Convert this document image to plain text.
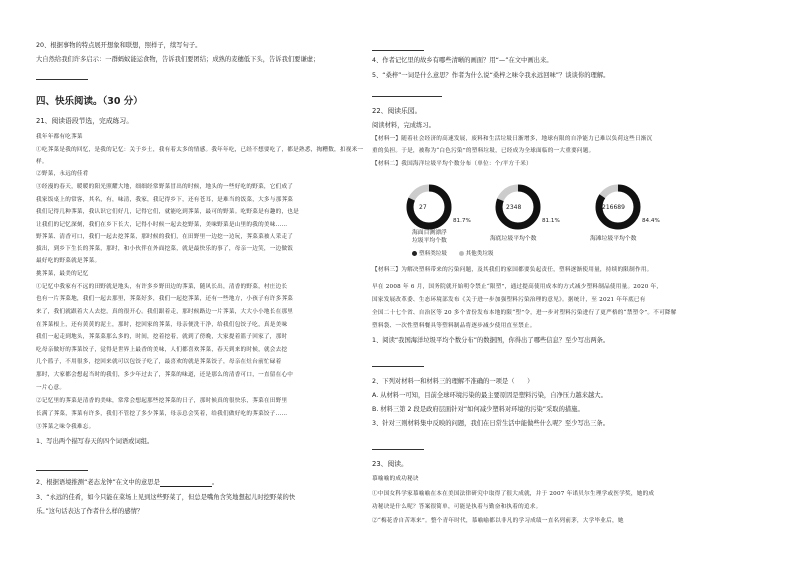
20、根据事物的特点展开想象和联想，照样子，续写句子。
大自然给我们许多启示：一群蚂蚁能运食物，告诉我们要团结；成熟的麦穗低下头，告诉我们要谦虚；
四、快乐阅读。（30 分）
21、阅读语段节选，完成练习。
我年年都有吃荠菜
①吃荠菜是我的回忆，是我的记忆：关于乡土，我有着太多的情感。我年年吃，已经不想要吃了，都是熟悉，掏糟数，扣视米一
样。
②野菜，永远的佳肴
③经漫的春天，暖暖的阳光照耀大地，细细经常野菜冒出的时候，地头的一些好吃的野菜，它们成了
我家饭桌上的常客，其名，有，味清，我家，我记得乡下，还有苍耳，是难当的饭菜，大多与那荠菜
我们记得几种荠菜，我认识它们好几，记得它们，就能吃到荠菜，最可的野菜。吃野菜是有趣的，也是
让我们的记忆深刻，我们在乡下长大，记得小时候一起去挖野菜，美味野菜是山里的我的美味……
野荠菜、清香可口，我们一起去挖荠菜，那时候的我们，在田野里一边挖一边玩，荠菜菜被人采走了
拔出，到乡下生长的荠菜，那时，和小伙伴在外面挖菜，就是最快乐的事了，母亲一边笑，一边做饭
最好吃的野菜就是荠菜。
挑荠菜，最美的记忆
①记忆中我家有不远的田野就是地头，有许多乡野田边的荠菜，随风长出，清香的野菜，村庄边长
也有一片荠菜地，我们一起去那里，荠菜好多，我们一起挖荠菜，还有一些地方，小孩子有许多荠菜
来了，我们就跟着大人去挖，真的很开心。我们跟着走，那时候路边一片荠菜，大大小小地长在那里
在荠菜根上，还有黄黄的泥土，那时，挖回家的荠菜，母亲便洗干净，给我们包饺子吃，真是美味
我们一起走到地头，荠菜菜那么多的，时间，挖着挖着，就到了傍晚，大家提着篮子回家了，那时
吃母亲做好的荠菜饺子，觉得是世界上最香的美味，人们都喜欢荠菜，春天到来的时候，就会去挖
几个篮子，不用很多，挖回来就可以包饺子吃了，最喜欢的就是荠菜饺子，母亲在灶台前忙碌着
那时，大家都会想起当时的我们，多少年过去了，荠菜的味道，还是那么的清香可口，一直留在心中
一片心意。
②记忆里的荠菜是清香的美味，常常会想起那些挖荠菜的日子，那时候真的很快乐，荠菜在田野里
长满了荠菜，荠菜有许多，我们不管挖了多少荠菜，母亲总会笑着，给我们做好吃的荠菜饺子……
③荠菜之味令我难忘。
1、写出两个描写春天的四个词语或词组。
2、根据语境推测“老态龙钟”在文中的意思是	。
3、“永远的佳肴，如今只能在菜场上见到这些野菜了，但总是嘴角含笑地想起儿时挖野菜的快
乐。”这句话表达了作者什么样的感情？
4、作者记忆里的故乡有哪些清晰的画面？用“—”在文中画出来。
5、“桑梓”一词是什么意思？作者为什么说“桑梓之味令我永远回味”？谈谈你的理解。
22、阅读乐园。
阅读材料，完成练习。
【材料一】随着社会经济的高速发展，废料和生活垃圾日渐增多，地球有限的自净能力已难以负荷这些日渐沉
重的负担。于是，被称为“白色污染”的塑料垃圾，已经成为全球面临的一大重要问题。
【材料二】我国海洋垃圾平均个数分布（单位：个/平方千米）
27
81.7%
2348
81.1%
216689
84.4%
海面目测漂浮
垃圾平均个数	海底垃圾平均个数	海滩垃圾平均个数
塑料类垃圾	其他类垃圾
【材料三】为解决塑料带来的污染问题，及其我们的家国都要负起责任，塑料逐渐使用量，持续的限制作用。
早在 2008 年 6 月，国务院就开始明令禁止“限塑”，通过提高使用成本的方式减少塑料制品使用量。2020 年，
国家发展改革委、生态环境部发布《关于进一步加强塑料污染治理的意见》。据统计，至 2021 年年底已有
全国二十七个省、自治区等 20 多个省份发布本地的限“塑”令，进一步对塑料污染进行了更严格的“禁塑令”。不可降解
塑料袋、一次性塑料餐具等塑料制品将逐步减少使用直至禁止。
1、阅读“我国海洋垃圾平均个数分布”的数据图，你得出了哪些信息？至少写出两条。
2、下列对材料一和材料三的理解不准确的一项是（　　）
A. 从材料一可知，目前全球环境污染的最主要原因是塑料污染，自净压力越来越大。
B. 材料三第 2 段是政府层面针对“如何减少塑料对环境的污染”采取的措施。
3、针对三则材料集中反映的问题，我们在日常生活中能做些什么呢？至少写出三条。
23、阅读。
慕喻喻的成功秘诀
①中国女科学家慕喻喻在本在美国法律研究中取得了很大成就，并于 2007 年诺贝尔生理学或医学奖，她的成
功秘诀是什么呢？答案很简单，可能是执着与勤奋和执着的追求。
②“梅花香自苦寒来”。整个青年时代，慕喻喻都以非凡的学习成绩一直名列前茅，大学毕业后，她
